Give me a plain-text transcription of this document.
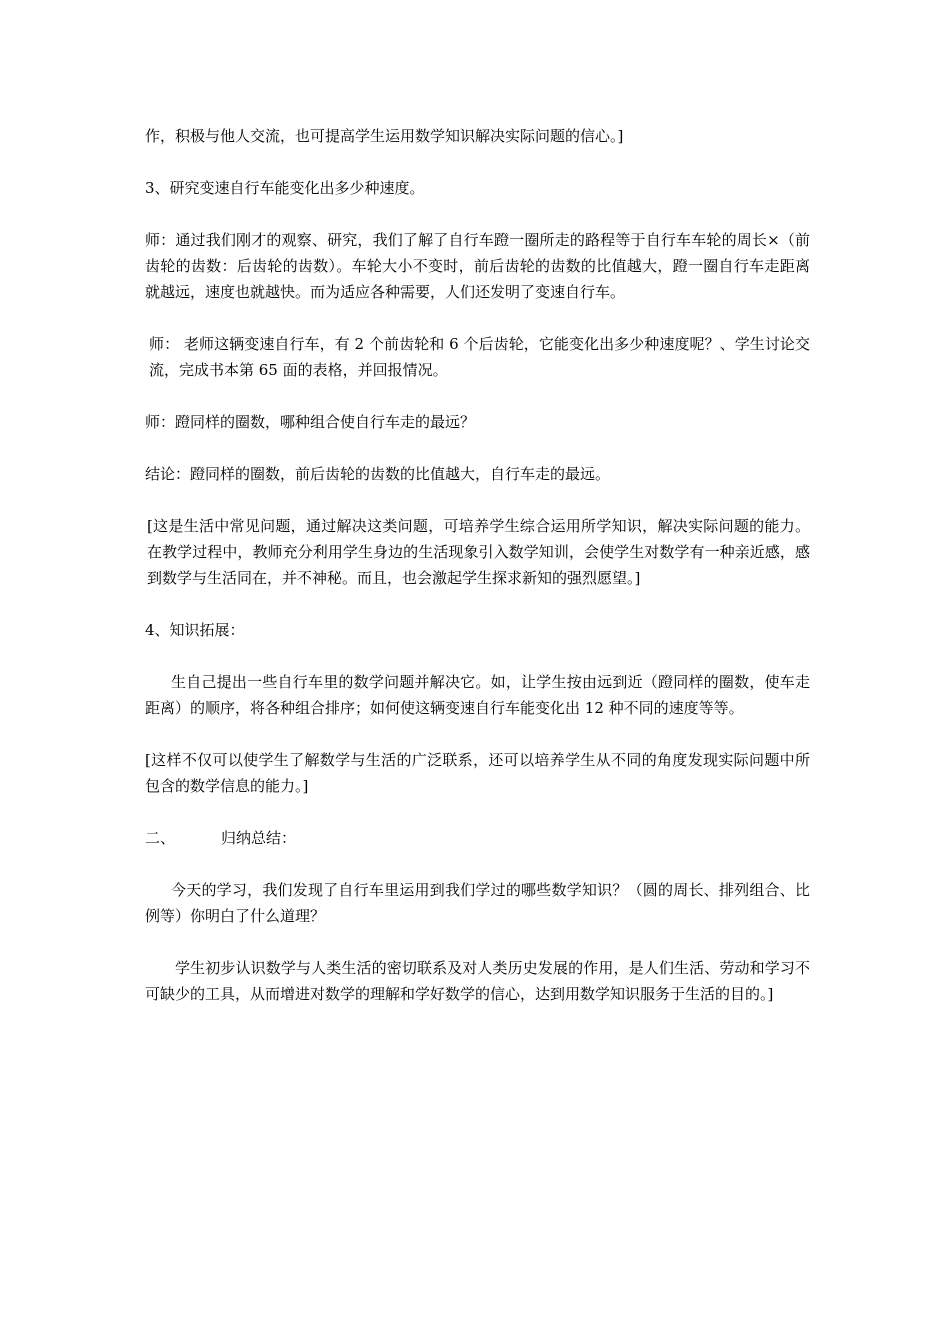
作，积极与他人交流，也可提高学生运用数学知识解决实际问题的信心。]

3、研究变速自行车能变化出多少种速度。

师：通过我们刚才的观察、研究，我们了解了自行车蹬一圈所走的路程等于自行车车轮的周长×（前齿轮的齿数：后齿轮的齿数）。车轮大小不变时，前后齿轮的齿数的比值越大，蹬一圈自行车走距离就越远，速度也就越快。而为适应各种需要，人们还发明了变速自行车。

师： 老师这辆变速自行车，有 2 个前齿轮和 6 个后齿轮，它能变化出多少种速度呢？、学生讨论交流，完成书本第 65 面的表格，并回报情况。

师：蹬同样的圈数，哪种组合使自行车走的最远？

结论：蹬同样的圈数，前后齿轮的齿数的比值越大，自行车走的最远。

[这是生活中常见问题，通过解决这类问题，可培养学生综合运用所学知识，解决实际问题的能力。在教学过程中，教师充分利用学生身边的生活现象引入数学知训，会使学生对数学有一种亲近感，感到数学与生活同在，并不神秘。而且，也会激起学生探求新知的强烈愿望。]

4、知识拓展：

生自己提出一些自行车里的数学问题并解决它。如，让学生按由远到近（蹬同样的圈数，使车走距离）的顺序，将各种组合排序；如何使这辆变速自行车能变化出 12 种不同的速度等等。

[这样不仅可以使学生了解数学与生活的广泛联系，还可以培养学生从不同的角度发现实际问题中所包含的数学信息的能力。]

二、	归纳总结：

今天的学习，我们发现了自行车里运用到我们学过的哪些数学知识？（圆的周长、排列组合、比例等）你明白了什么道理？

学生初步认识数学与人类生活的密切联系及对人类历史发展的作用，是人们生活、劳动和学习不可缺少的工具，从而增进对数学的理解和学好数学的信心，达到用数学知识服务于生活的目的。]
